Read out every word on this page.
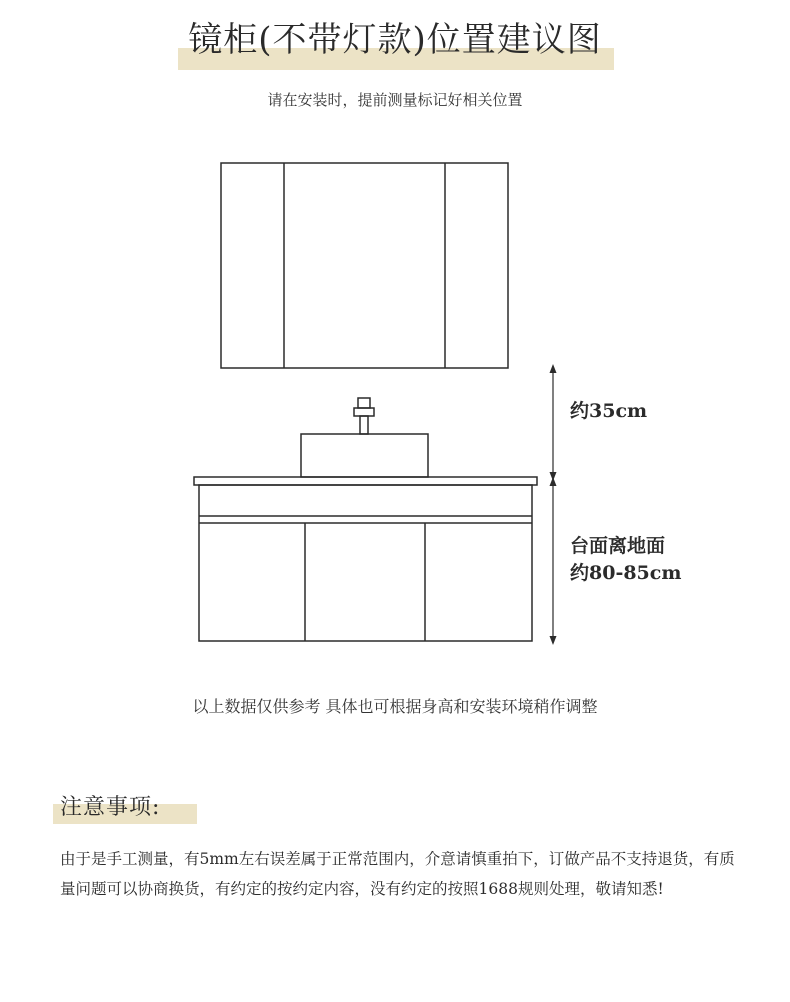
镜柜(不带灯款)位置建议图
请在安装时，提前测量标记好相关位置
约35cm
台面离地面
约80-85cm
以上数据仅供参考 具体也可根据身高和安装环境稍作调整
注意事项:
由于是手工测量，有5mm左右误差属于正常范围内，介意请慎重拍下，订做产品不支持退货，有质量问题可以协商换货，有约定的按约定内容，没有约定的按照1688规则处理，敬请知悉!
